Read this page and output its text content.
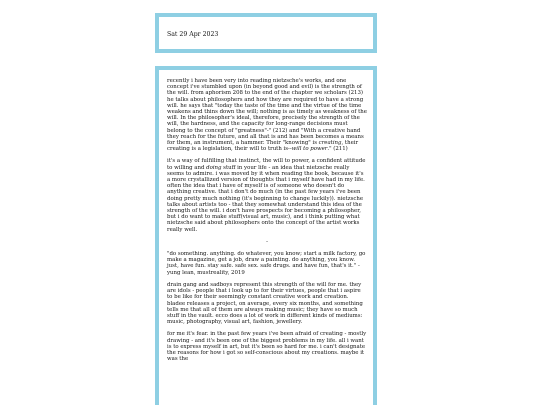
Sat 29 Apr 2023

recently i have been very into reading nietzsche's works, and one concept i've stumbled upon (in beyond good and evil) is the strength of the will. from aphorism 208 to the end of the chapter we scholars (213) he talks about philosophers and how they are required to have a strong will. he says that "today the taste of the time and the virtue of the time weakens and thins down the will; nothing is as timely as weakness of the will. In the philosopher's ideal, therefore, precisely the strength of the will, the hardness, and the capacity for long-range decisions must belong to the concept of "greatness"-" (212) and "With a creative hand they reach for the future, and all that is and has been becomes a means for them, an instrument, a hammer. Their "knowing" is creating, their creating is a legislation, their will to truth is--will to power." (211)

it's a way of fulfilling that instinct, the will to power, a confident attitude to willing and doing stuff in your life - an idea that nietzsche really seems to admire. i was moved by it when reading the book, because it's a more crystallized version of thoughts that i myself have had in my life. often the idea that i have of myself is of someone who doesn't do anything creative. that i don't do much (in the past few years i've been doing pretty much nothing (it's beginning to change luckily)). nietzsche talks about artists too - that they somewhat understand this idea of the strength of the will. i don't have prospects for becoming a philosopher, but i do want to make stuff(visual art, music), and i think putting what nietzsche said about philosophers onto the concept of the artist works really well.

-

"do something. anything. do whatever, you know; start a milk factory, go make a magazine, get a job, draw a painting. do anything, you know. just, have fun. stay safe. safe sex. safe drugs. and have fun, that's it." -yung lean, mustreality, 2019

drain gang and sadboys represent this strength of the will for me. they are idols - people that i look up to for their virtues, people that i aspire to be like for their seemingly constant creative work and creation. bladee releases a project, on average, every six months, and something tells me that all of them are always making music; they have so much stuff in the vault. ecco does a lot of work in different kinds of mediums: music, photography, visual art, fashion, jewellery.

for me it's fear. in the past few years i've been afraid of creating - mostly drawing - and it's been one of the biggest problems in my life. all i want is to express myself in art, but it's been so hard for me. i can't designate the reasons for how i got so self-conscious about my creations. maybe it was the
